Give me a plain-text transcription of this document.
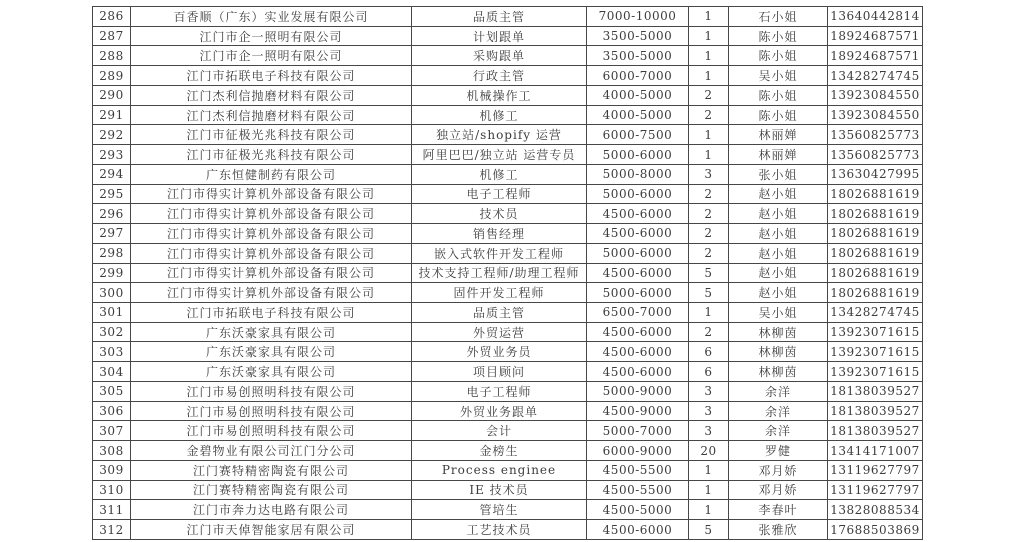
286	百香顺（广东）实业发展有限公司	品质主管	7000-10000	1	石小姐	13640442814
287	江门市企一照明有限公司	计划跟单	3500-5000	1	陈小姐	18924687571
288	江门市企一照明有限公司	采购跟单	3500-5000	1	陈小姐	18924687571
289	江门市拓联电子科技有限公司	行政主管	6000-7000	1	吴小姐	13428274745
290	江门杰利信抛磨材料有限公司	机械操作工	4000-5000	2	陈小姐	13923084550
291	江门杰利信抛磨材料有限公司	机修工	4000-5000	2	陈小姐	13923084550
292	江门市征极光兆科技有限公司	独立站/shopify 运营	6000-7500	1	林丽婵	13560825773
293	江门市征极光兆科技有限公司	阿里巴巴/独立站 运营专员	5000-6000	1	林丽婵	13560825773
294	广东恒健制药有限公司	机修工	5000-8000	3	张小姐	13630427995
295	江门市得实计算机外部设备有限公司	电子工程师	5000-6000	2	赵小姐	18026881619
296	江门市得实计算机外部设备有限公司	技术员	4500-6000	2	赵小姐	18026881619
297	江门市得实计算机外部设备有限公司	销售经理	4500-6000	2	赵小姐	18026881619
298	江门市得实计算机外部设备有限公司	嵌入式软件开发工程师	5000-6000	2	赵小姐	18026881619
299	江门市得实计算机外部设备有限公司	技术支持工程师/助理工程师	4500-6000	5	赵小姐	18026881619
300	江门市得实计算机外部设备有限公司	固件开发工程师	5000-6000	5	赵小姐	18026881619
301	江门市拓联电子科技有限公司	品质主管	6500-7000	1	吴小姐	13428274745
302	广东沃豪家具有限公司	外贸运营	4500-6000	2	林柳茵	13923071615
303	广东沃豪家具有限公司	外贸业务员	4500-6000	6	林柳茵	13923071615
304	广东沃豪家具有限公司	项目顾问	4500-6000	6	林柳茵	13923071615
305	江门市易创照明科技有限公司	电子工程师	5000-9000	3	余洋	18138039527
306	江门市易创照明科技有限公司	外贸业务跟单	4500-9000	3	余洋	18138039527
307	江门市易创照明科技有限公司	会计	5000-7000	3	余洋	18138039527
308	金碧物业有限公司江门分公司	金榜生	6000-9000	20	罗健	13414171007
309	江门赛特精密陶瓷有限公司	Process enginee	4500-5500	1	邓月娇	13119627797
310	江门赛特精密陶瓷有限公司	IE 技术员	4500-5500	1	邓月娇	13119627797
311	江门市奔力达电路有限公司	管培生	4500-5000	1	李春叶	13828088534
312	江门市天倬智能家居有限公司	工艺技术员	4500-6000	5	张雅欣	17688503869
